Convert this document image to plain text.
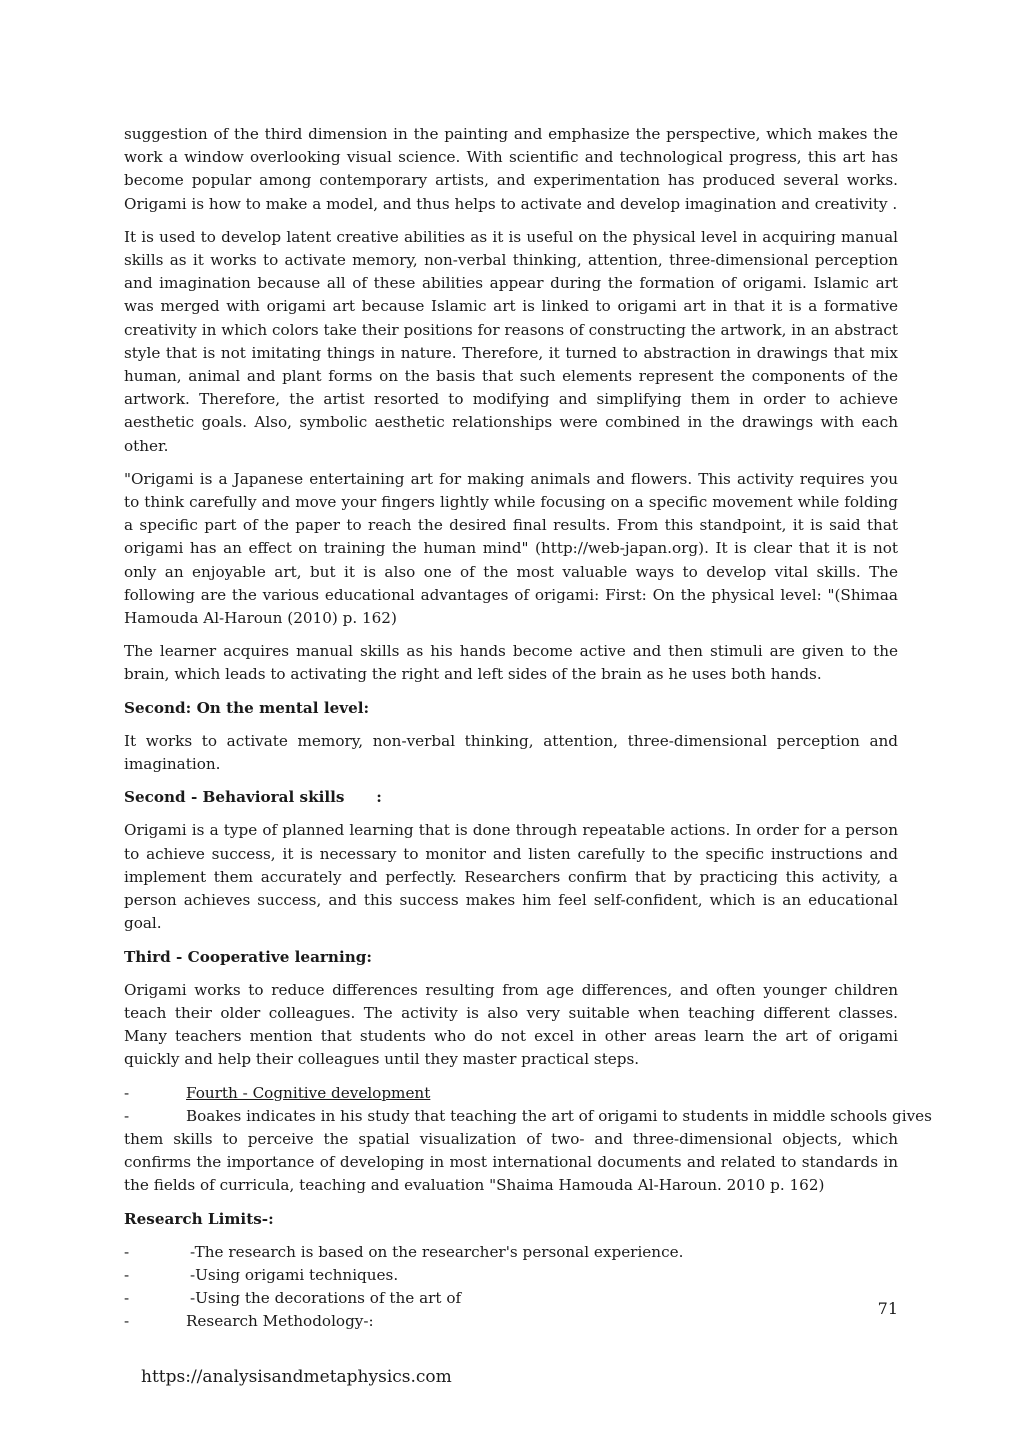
suggestion of the third dimension in the painting and emphasize the perspective, which makes the work a window overlooking visual science. With scientific and technological progress, this art has become popular among contemporary artists, and experimentation has produced several works. Origami is how to make a model, and thus helps to activate and develop imagination and creativity .

It is used to develop latent creative abilities as it is useful on the physical level in acquiring manual skills as it works to activate memory, non-verbal thinking, attention, three-dimensional perception and imagination because all of these abilities appear during the formation of origami. Islamic art was merged with origami art because Islamic art is linked to origami art in that it is a formative creativity in which colors take their positions for reasons of constructing the artwork, in an abstract style that is not imitating things in nature. Therefore, it turned to abstraction in drawings that mix human, animal and plant forms on the basis that such elements represent the components of the artwork. Therefore, the artist resorted to modifying and simplifying them in order to achieve aesthetic goals. Also, symbolic aesthetic relationships were combined in the drawings with each other.

"Origami is a Japanese entertaining art for making animals and flowers. This activity requires you to think carefully and move your fingers lightly while focusing on a specific movement while folding a specific part of the paper to reach the desired final results. From this standpoint, it is said that origami has an effect on training the human mind" (http://web-japan.org). It is clear that it is not only an enjoyable art, but it is also one of the most valuable ways to develop vital skills. The following are the various educational advantages of origami: First: On the physical level: "(Shimaa Hamouda Al-Haroun (2010) p. 162)

The learner acquires manual skills as his hands become active and then stimuli are given to the brain, which leads to activating the right and left sides of the brain as he uses both hands.

Second: On the mental level:

It works to activate memory, non-verbal thinking, attention, three-dimensional perception and imagination.

Second - Behavioral skills      :

Origami is a type of planned learning that is done through repeatable actions. In order for a person to achieve success, it is necessary to monitor and listen carefully to the specific instructions and implement them accurately and perfectly. Researchers confirm that by practicing this activity, a person achieves success, and this success makes him feel self-confident, which is an educational goal.

Third - Cooperative learning:

Origami works to reduce differences resulting from age differences, and often younger children teach their older colleagues. The activity is also very suitable when teaching different classes. Many teachers mention that students who do not excel in other areas learn the art of origami quickly and help their colleagues until they master practical steps.

-	Fourth - Cognitive development
-	Boakes indicates in his study that teaching the art of origami to students in middle schools gives

them skills to perceive the spatial visualization of two- and three-dimensional objects, which confirms the importance of developing in most international documents and related to standards in the fields of curricula, teaching and evaluation "Shaima Hamouda Al-Haroun. 2010 p. 162)

Research Limits-:

-	-The research is based on the researcher's personal experience.
-	-Using origami techniques.
-	-Using the decorations of the art of
-	Research Methodology-:
71
https://analysisandmetaphysics.com
